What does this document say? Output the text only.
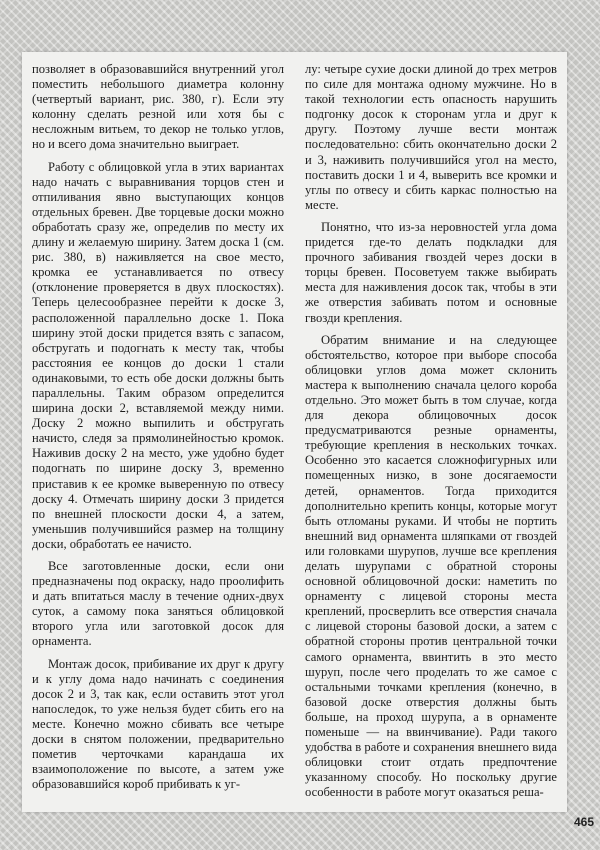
позволяет в образовавшийся внутренний угол поместить небольшого диаметра колонну (четвертый вариант, рис. 380, г). Если эту колонну сделать резной или хотя бы с несложным витьем, то декор не только углов, но и всего дома значительно выиграет.

Работу с облицовкой угла в этих вариантах надо начать с выравнивания торцов стен и отпиливания явно выступающих концов отдельных бревен. Две торцевые доски можно обработать сразу же, определив по месту их длину и желаемую ширину. Затем доска 1 (см. рис. 380, в) наживляется на свое место, кромка ее устанавливается по отвесу (отклонение проверяется в двух плоскостях). Теперь целесообразнее перейти к доске 3, расположенной параллельно доске 1. Пока ширину этой доски придется взять с запасом, обстругать и подогнать к месту так, чтобы расстояния ее концов до доски 1 стали одинаковыми, то есть обе доски должны быть параллельны. Таким образом определится ширина доски 2, вставляемой между ними. Доску 2 можно выпилить и обстругать начисто, следя за прямолинейностью кромок. Наживив доску 2 на место, уже удобно будет подогнать по ширине доску 3, временно приставив к ее кромке выверенную по отвесу доску 4. Отмечать ширину доски 3 придется по внешней плоскости доски 4, а затем, уменьшив получившийся размер на толщину доски, обработать ее начисто.

Все заготовленные доски, если они предназначены под окраску, надо проолифить и дать впитаться маслу в течение одних-двух суток, а самому пока заняться облицовкой второго угла или заготовкой досок для орнамента.

Монтаж досок, прибивание их друг к другу и к углу дома надо начинать с соединения досок 2 и 3, так как, если оставить этот угол напоследок, то уже нельзя будет сбить его на месте. Конечно можно сбивать все четыре доски в снятом положении, предварительно пометив черточками карандаша их взаимоположение по высоте, а затем уже образовавшийся короб прибивать к уг-

лу: четыре сухие доски длиной до трех метров по силе для монтажа одному мужчине. Но в такой технологии есть опасность нарушить подгонку досок к сторонам угла и друг к другу. Поэтому лучше вести монтаж последовательно: сбить окончательно доски 2 и 3, наживить получившийся угол на место, поставить доски 1 и 4, выверить все кромки и углы по отвесу и сбить каркас полностью на месте.

Понятно, что из-за неровностей угла дома придется где-то делать подкладки для прочного забивания гвоздей через доски в торцы бревен. Посоветуем также выбирать места для наживления досок так, чтобы в эти же отверстия забивать потом и основные гвозди крепления.

Обратим внимание и на следующее обстоятельство, которое при выборе способа облицовки углов дома может склонить мастера к выполнению сначала целого короба отдельно. Это может быть в том случае, когда для декора облицовочных досок предусматриваются резные орнаменты, требующие крепления в нескольких точках. Особенно это касается сложнофигурных или помещенных низко, в зоне досягаемости детей, орнаментов. Тогда приходится дополнительно крепить концы, которые могут быть отломаны руками. И чтобы не портить внешний вид орнамента шляпками от гвоздей или головками шурупов, лучше все крепления делать шурупами с обратной стороны основной облицовочной доски: наметить по орнаменту с лицевой стороны места креплений, просверлить все отверстия сначала с лицевой стороны базовой доски, а затем с обратной стороны против центральной точки самого орнамента, ввинтить в это место шуруп, после чего проделать то же самое с остальными точками крепления (конечно, в базовой доске отверстия должны быть больше, на проход шурупа, а в орнаменте поменьше — на ввинчивание). Ради такого удобства в работе и сохранения внешнего вида облицовки стоит отдать предпочтение указанному способу. Но поскольку другие особенности в работе могут оказаться реша-

465
